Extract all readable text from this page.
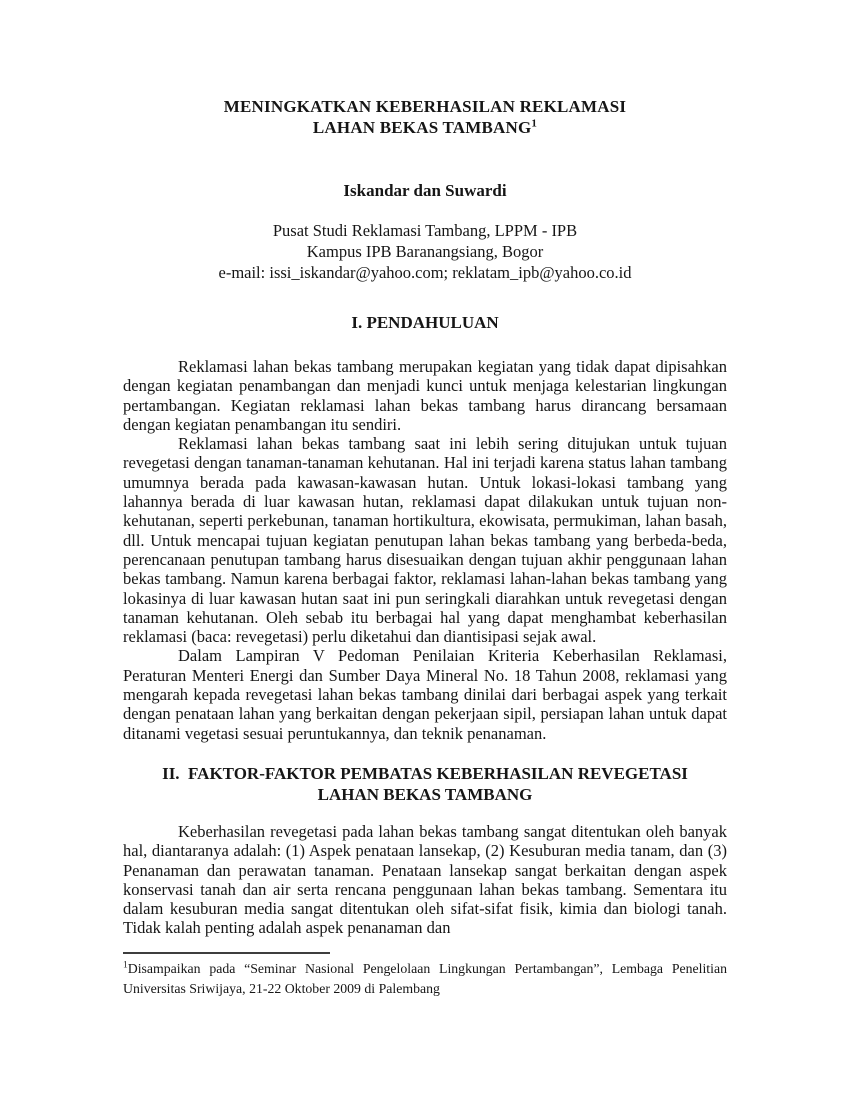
MENINGKATKAN KEBERHASILAN REKLAMASI
LAHAN BEKAS TAMBANG$^1$
Iskandar dan Suwardi
Pusat Studi Reklamasi Tambang, LPPM - IPB
Kampus IPB Baranangsiang, Bogor
e-mail: issi_iskandar@yahoo.com; reklatam_ipb@yahoo.co.id
I. PENDAHULUAN

Reklamasi lahan bekas tambang merupakan kegiatan yang tidak dapat dipisahkan dengan kegiatan penambangan dan menjadi kunci untuk menjaga kelestarian lingkungan pertambangan. Kegiatan reklamasi lahan bekas tambang harus dirancang bersamaan dengan kegiatan penambangan itu sendiri.

Reklamasi lahan bekas tambang saat ini lebih sering ditujukan untuk tujuan revegetasi dengan tanaman-tanaman kehutanan. Hal ini terjadi karena status lahan tambang umumnya berada pada kawasan-kawasan hutan. Untuk lokasi-lokasi tambang yang lahannya berada di luar kawasan hutan, reklamasi dapat dilakukan untuk tujuan non-kehutanan, seperti perkebunan, tanaman hortikultura, ekowisata, permukiman, lahan basah, dll. Untuk mencapai tujuan kegiatan penutupan lahan bekas tambang yang berbeda-beda, perencanaan penutupan tambang harus disesuaikan dengan tujuan akhir penggunaan lahan bekas tambang. Namun karena berbagai faktor, reklamasi lahan-lahan bekas tambang yang lokasinya di luar kawasan hutan saat ini pun seringkali diarahkan untuk revegetasi dengan tanaman kehutanan. Oleh sebab itu berbagai hal yang dapat menghambat keberhasilan reklamasi (baca: revegetasi) perlu diketahui dan diantisipasi sejak awal.

Dalam Lampiran V Pedoman Penilaian Kriteria Keberhasilan Reklamasi, Peraturan Menteri Energi dan Sumber Daya Mineral No. 18 Tahun 2008, reklamasi yang mengarah kepada revegetasi lahan bekas tambang dinilai dari berbagai aspek yang terkait dengan penataan lahan yang berkaitan dengan pekerjaan sipil, persiapan lahan untuk dapat ditanami vegetasi sesuai peruntukannya, dan teknik penanaman.

II.  FAKTOR-FAKTOR PEMBATAS KEBERHASILAN REVEGETASI
LAHAN BEKAS TAMBANG

Keberhasilan revegetasi pada lahan bekas tambang sangat ditentukan oleh banyak hal, diantaranya adalah: (1) Aspek penataan lansekap, (2) Kesuburan media tanam, dan (3) Penanaman dan perawatan tanaman. Penataan lansekap sangat berkaitan dengan aspek konservasi tanah dan air serta rencana penggunaan lahan bekas tambang. Sementara itu dalam kesuburan media sangat ditentukan oleh sifat-sifat fisik, kimia dan biologi tanah. Tidak kalah penting adalah aspek penanaman dan

$^1$Disampaikan pada “Seminar Nasional Pengelolaan Lingkungan Pertambangan”, Lembaga Penelitian Universitas Sriwijaya, 21-22 Oktober 2009 di Palembang
